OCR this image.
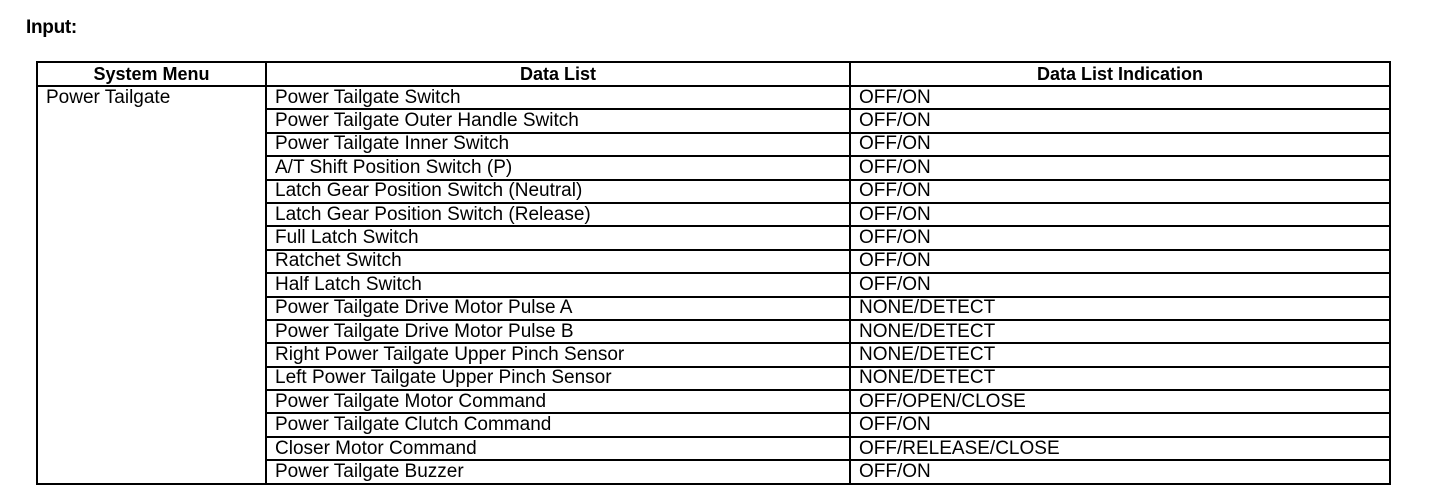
Input:
System Menu	Data List	Data List Indication
Power Tailgate	Power Tailgate Switch	OFF/ON
	Power Tailgate Outer Handle Switch	OFF/ON
	Power Tailgate Inner Switch	OFF/ON
	A/T Shift Position Switch (P)	OFF/ON
	Latch Gear Position Switch (Neutral)	OFF/ON
	Latch Gear Position Switch (Release)	OFF/ON
	Full Latch Switch	OFF/ON
	Ratchet Switch	OFF/ON
	Half Latch Switch	OFF/ON
	Power Tailgate Drive Motor Pulse A	NONE/DETECT
	Power Tailgate Drive Motor Pulse B	NONE/DETECT
	Right Power Tailgate Upper Pinch Sensor	NONE/DETECT
	Left Power Tailgate Upper Pinch Sensor	NONE/DETECT
	Power Tailgate Motor Command	OFF/OPEN/CLOSE
	Power Tailgate Clutch Command	OFF/ON
	Closer Motor Command	OFF/RELEASE/CLOSE
	Power Tailgate Buzzer	OFF/ON
